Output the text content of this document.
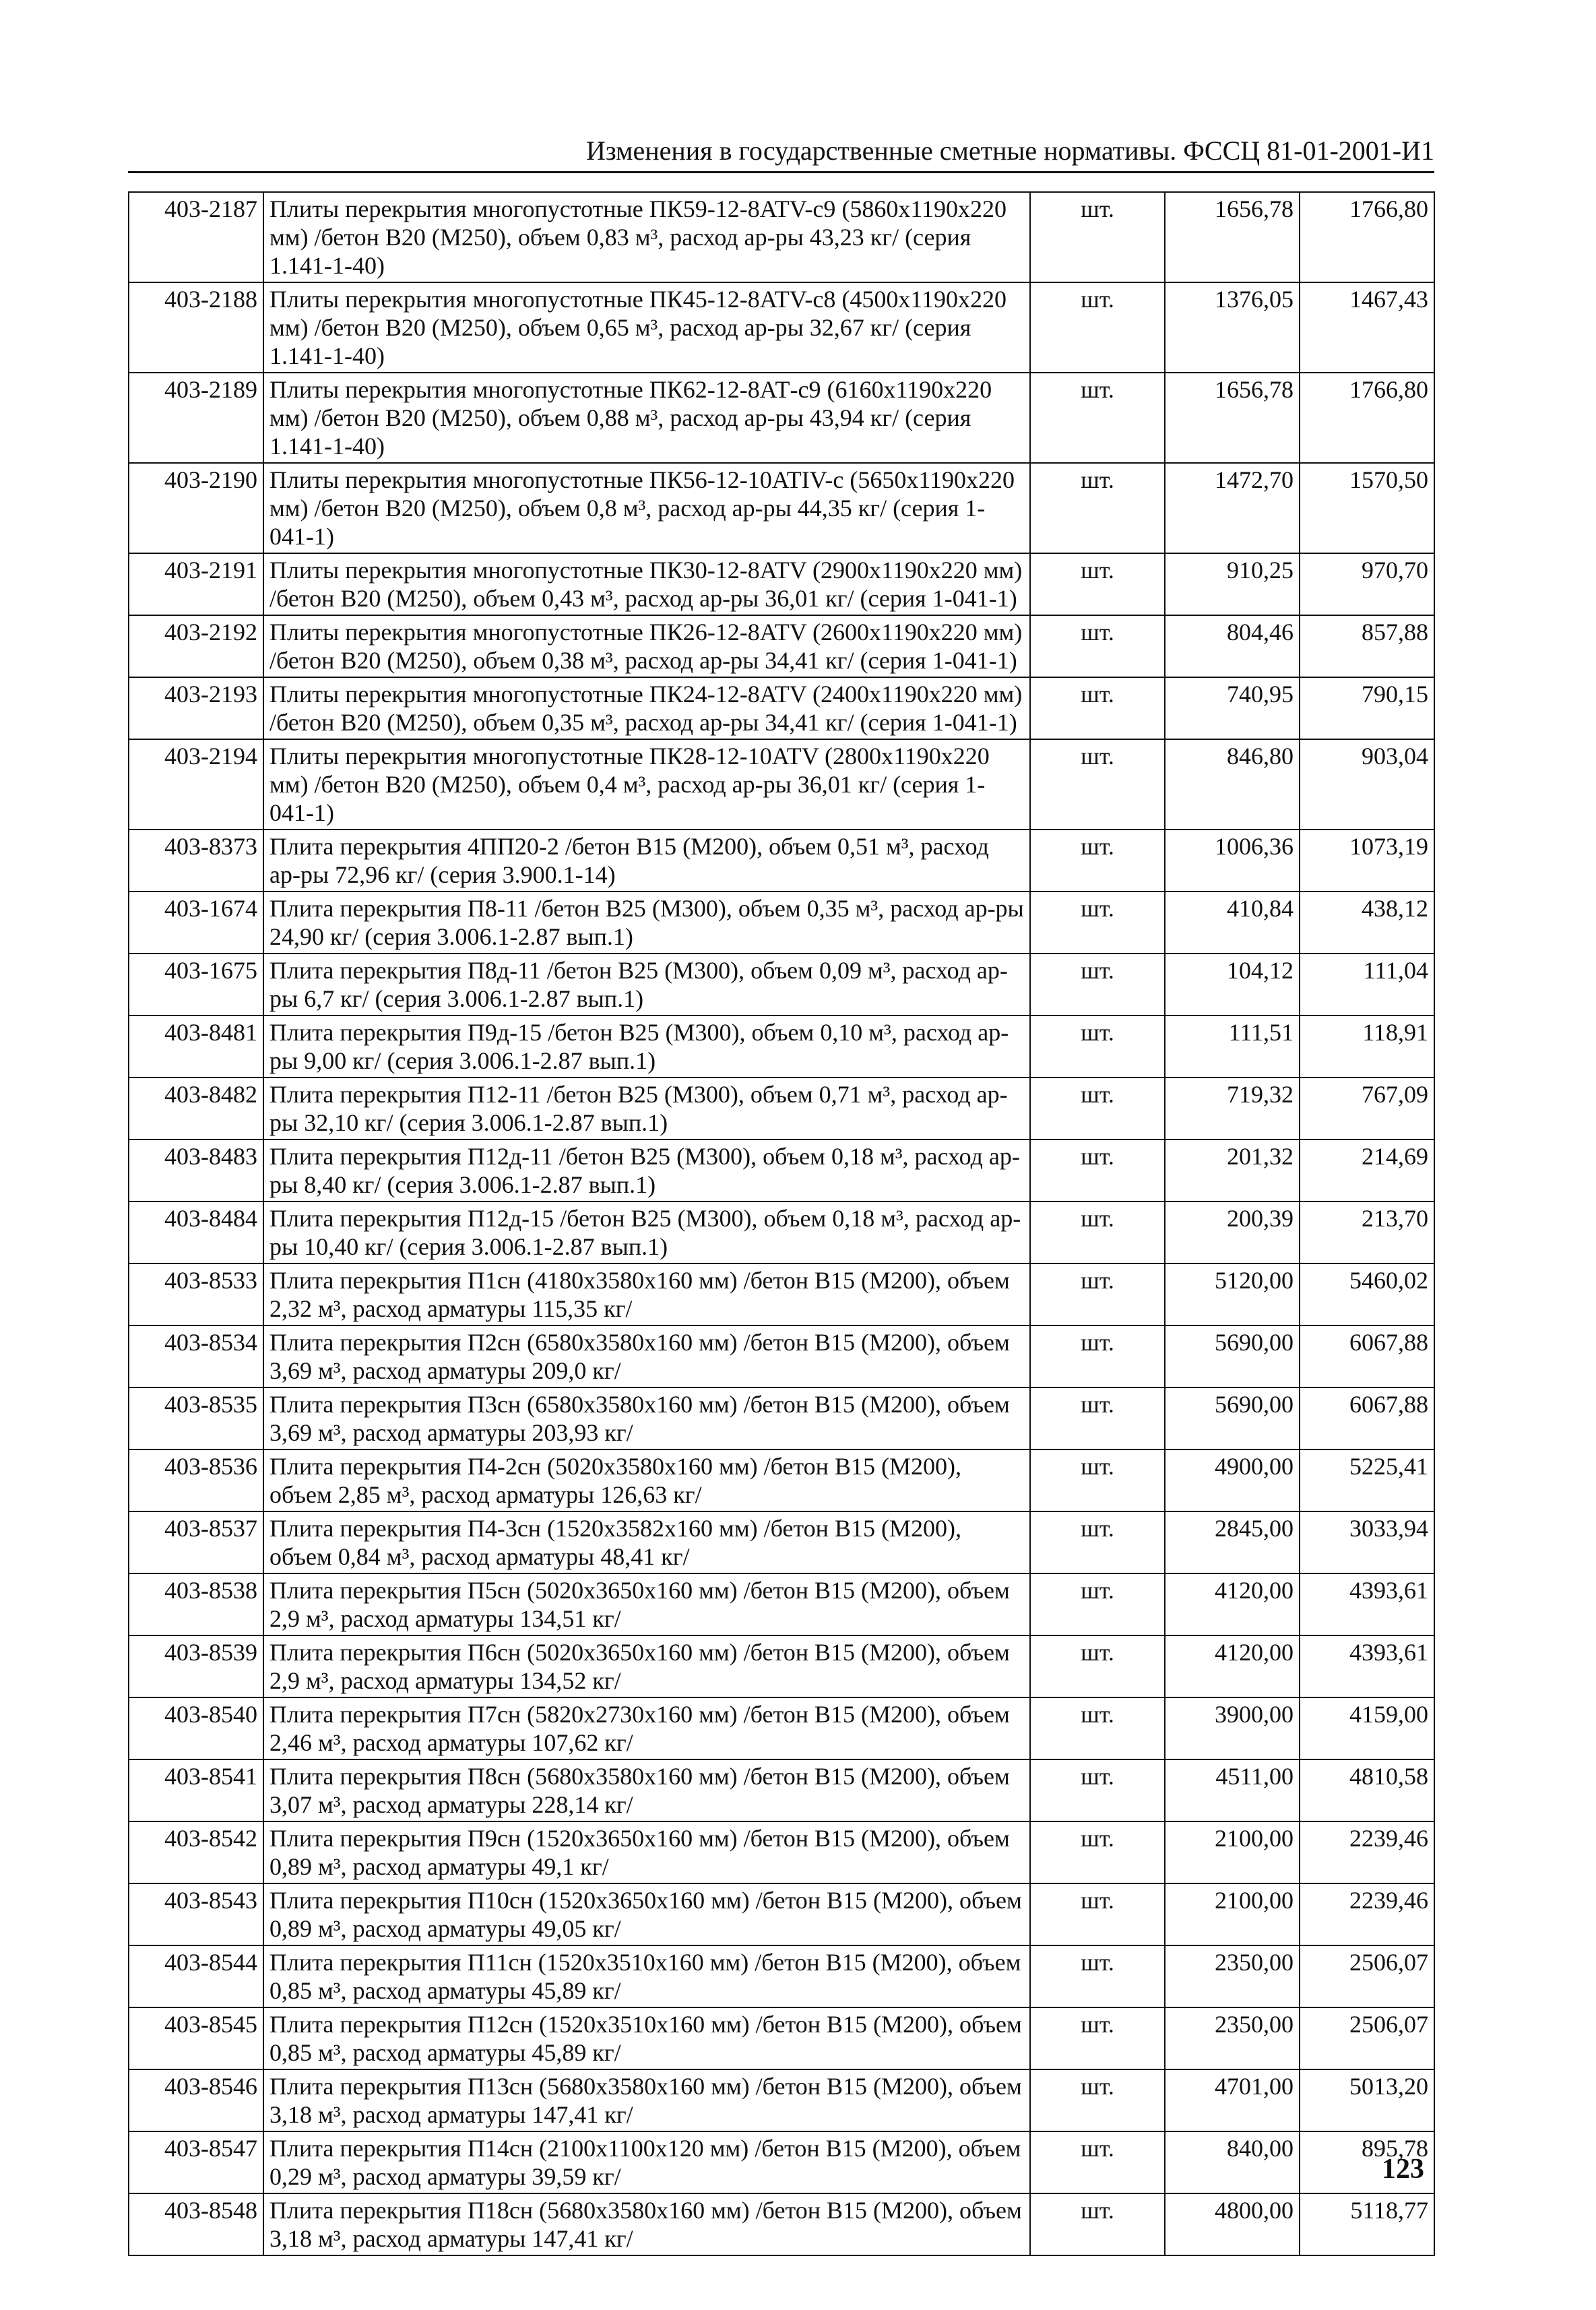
Изменения в государственные сметные нормативы. ФССЦ 81-01-2001-И1
403-2187	Плиты перекрытия многопустотные ПК59-12-8ATV-с9 (5860х1190х220 мм) /бетон В20 (М250), объем 0,83 м³, расход ар-ры 43,23 кг/ (серия 1.141-1-40)	шт.	1656,78	1766,80
403-2188	Плиты перекрытия многопустотные ПК45-12-8ATV-с8 (4500х1190х220 мм) /бетон В20 (М250), объем 0,65 м³, расход ар-ры 32,67 кг/ (серия 1.141-1-40)	шт.	1376,05	1467,43
403-2189	Плиты перекрытия многопустотные ПК62-12-8АТ-с9 (6160х1190х220 мм) /бетон В20 (М250), объем 0,88 м³, расход ар-ры 43,94 кг/ (серия 1.141-1-40)	шт.	1656,78	1766,80
403-2190	Плиты перекрытия многопустотные ПК56-12-10ATIV-с (5650х1190х220 мм) /бетон В20 (М250), объем 0,8 м³, расход ар-ры 44,35 кг/ (серия 1-041-1)	шт.	1472,70	1570,50
403-2191	Плиты перекрытия многопустотные ПК30-12-8ATV (2900х1190х220 мм) /бетон В20 (М250), объем 0,43 м³, расход ар-ры 36,01 кг/ (серия 1-041-1)	шт.	910,25	970,70
403-2192	Плиты перекрытия многопустотные ПК26-12-8ATV (2600х1190х220 мм) /бетон В20 (М250), объем 0,38 м³, расход ар-ры 34,41 кг/ (серия 1-041-1)	шт.	804,46	857,88
403-2193	Плиты перекрытия многопустотные ПК24-12-8ATV (2400х1190х220 мм) /бетон В20 (М250), объем 0,35 м³, расход ар-ры 34,41 кг/ (серия 1-041-1)	шт.	740,95	790,15
403-2194	Плиты перекрытия многопустотные ПК28-12-10ATV (2800х1190х220 мм) /бетон В20 (М250), объем 0,4 м³, расход ар-ры 36,01 кг/ (серия 1-041-1)	шт.	846,80	903,04
403-8373	Плита перекрытия 4ПП20-2 /бетон В15 (М200), объем 0,51 м³, расход ар-ры 72,96 кг/ (серия 3.900.1-14)	шт.	1006,36	1073,19
403-1674	Плита перекрытия П8-11 /бетон В25 (М300), объем 0,35 м³, расход ар-ры 24,90 кг/ (серия 3.006.1-2.87 вып.1)	шт.	410,84	438,12
403-1675	Плита перекрытия П8д-11 /бетон В25 (М300), объем 0,09 м³, расход ар-ры 6,7 кг/ (серия 3.006.1-2.87 вып.1)	шт.	104,12	111,04
403-8481	Плита перекрытия П9д-15 /бетон В25 (М300), объем 0,10 м³, расход ар-ры 9,00 кг/ (серия 3.006.1-2.87 вып.1)	шт.	111,51	118,91
403-8482	Плита перекрытия П12-11 /бетон В25 (М300), объем 0,71 м³, расход ар-ры 32,10 кг/ (серия 3.006.1-2.87 вып.1)	шт.	719,32	767,09
403-8483	Плита перекрытия П12д-11 /бетон В25 (М300), объем 0,18 м³, расход ар-ры 8,40 кг/ (серия 3.006.1-2.87 вып.1)	шт.	201,32	214,69
403-8484	Плита перекрытия П12д-15 /бетон В25 (М300), объем 0,18 м³, расход ар-ры 10,40 кг/ (серия 3.006.1-2.87 вып.1)	шт.	200,39	213,70
403-8533	Плита перекрытия П1сн (4180х3580х160 мм) /бетон В15 (М200), объем 2,32 м³, расход арматуры 115,35 кг/	шт.	5120,00	5460,02
403-8534	Плита перекрытия П2сн (6580х3580х160 мм) /бетон В15 (М200), объем 3,69 м³, расход арматуры 209,0 кг/	шт.	5690,00	6067,88
403-8535	Плита перекрытия П3сн (6580х3580х160 мм) /бетон В15 (М200), объем 3,69 м³, расход арматуры 203,93 кг/	шт.	5690,00	6067,88
403-8536	Плита перекрытия П4-2сн (5020х3580х160 мм) /бетон В15 (М200), объем 2,85 м³, расход арматуры 126,63 кг/	шт.	4900,00	5225,41
403-8537	Плита перекрытия П4-3сн (1520х3582х160 мм) /бетон В15 (М200), объем 0,84 м³, расход арматуры 48,41 кг/	шт.	2845,00	3033,94
403-8538	Плита перекрытия П5сн (5020х3650х160 мм) /бетон В15 (М200), объем 2,9 м³, расход арматуры 134,51 кг/	шт.	4120,00	4393,61
403-8539	Плита перекрытия П6сн (5020х3650х160 мм) /бетон В15 (М200), объем 2,9 м³, расход арматуры 134,52 кг/	шт.	4120,00	4393,61
403-8540	Плита перекрытия П7сн (5820х2730х160 мм) /бетон В15 (М200), объем 2,46 м³, расход арматуры 107,62 кг/	шт.	3900,00	4159,00
403-8541	Плита перекрытия П8сн (5680х3580х160 мм) /бетон В15 (М200), объем 3,07 м³, расход арматуры 228,14 кг/	шт.	4511,00	4810,58
403-8542	Плита перекрытия П9сн (1520х3650х160 мм) /бетон В15 (М200), объем 0,89 м³, расход арматуры 49,1 кг/	шт.	2100,00	2239,46
403-8543	Плита перекрытия П10сн (1520х3650х160 мм) /бетон В15 (М200), объем 0,89 м³, расход арматуры 49,05 кг/	шт.	2100,00	2239,46
403-8544	Плита перекрытия П11сн (1520х3510х160 мм) /бетон В15 (М200), объем 0,85 м³, расход арматуры 45,89 кг/	шт.	2350,00	2506,07
403-8545	Плита перекрытия П12сн (1520х3510х160 мм) /бетон В15 (М200), объем 0,85 м³, расход арматуры 45,89 кг/	шт.	2350,00	2506,07
403-8546	Плита перекрытия П13сн (5680х3580х160 мм) /бетон В15 (М200), объем 3,18 м³, расход арматуры 147,41 кг/	шт.	4701,00	5013,20
403-8547	Плита перекрытия П14сн (2100х1100х120 мм) /бетон В15 (М200), объем 0,29 м³, расход арматуры 39,59 кг/	шт.	840,00	895,78
403-8548	Плита перекрытия П18сн (5680х3580х160 мм) /бетон В15 (М200), объем 3,18 м³, расход арматуры 147,41 кг/	шт.	4800,00	5118,77
123
